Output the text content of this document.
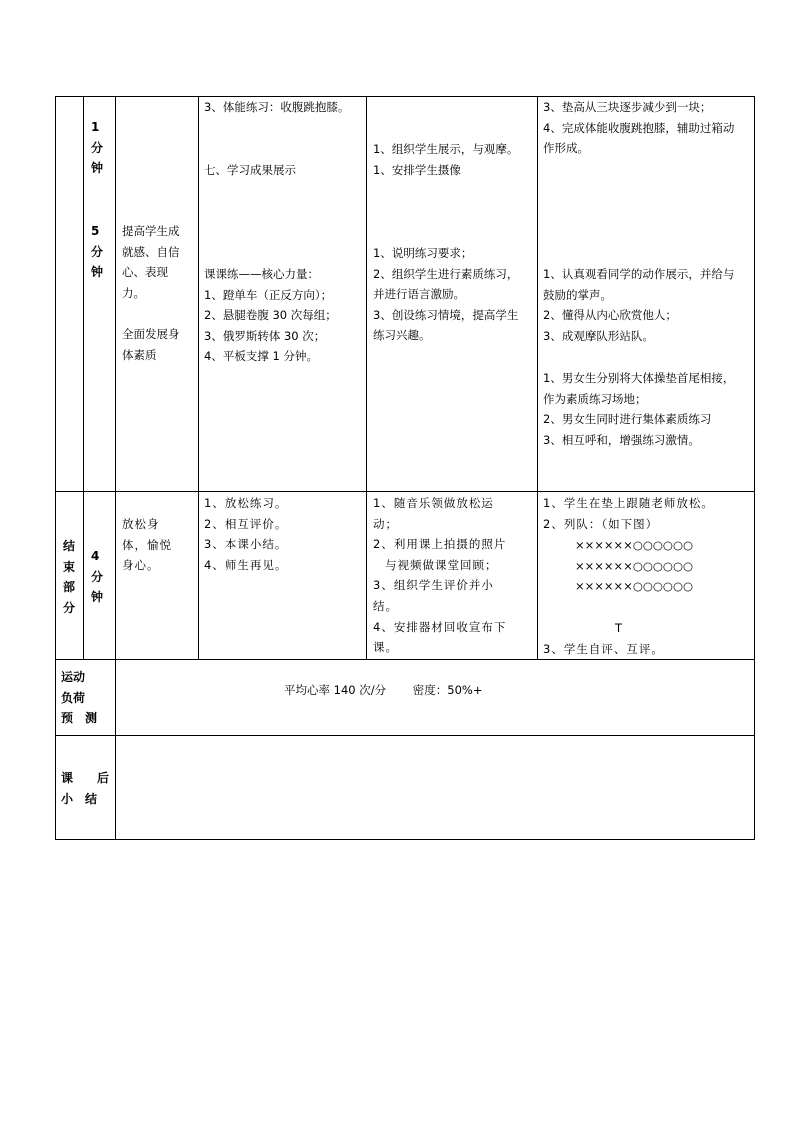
1
分
钟
5
分
钟
提高学生成
就感、自信
心、表现
力。
全面发展身
体素质
3、体能练习：收腹跳抱膝。
七、学习成果展示
课课练——核心力量：
1、蹬单车（正反方向）；
2、悬腿卷腹 30 次每组；
3、俄罗斯转体 30 次；
4、平板支撑 1 分钟。
1、组织学生展示，与观摩。
1、安排学生摄像
1、说明练习要求；
2、组织学生进行素质练习，
并进行语言激励。
3、创设练习情境，提高学生
练习兴趣。
3、垫高从三块逐步减少到一块；
4、完成体能收腹跳抱膝，辅助过箱动
作形成。
1、认真观看同学的动作展示，并给与
鼓励的掌声。
2、懂得从内心欣赏他人；
3、成观摩队形站队。
1、男女生分别将大体操垫首尾相接，
作为素质练习场地；
2、男女生同时进行集体素质练习
3、相互呼和，增强练习激情。
结
束
部
分
4
分
钟
放松身
体，愉悦
身心。
1、放松练习。
2、相互评价。
3、本课小结。
4、师生再见。
1、随音乐领做放松运
动；
2、利用课上拍摄的照片
与视频做课堂回顾；
3、组织学生评价并小
结。
4、安排器材回收宣布下
课。
1、学生在垫上跟随老师放松。
2、列队：（如下图）
××××××○○○○○○
××××××○○○○○○
××××××○○○○○○
T
3、学生自评、互评。
运动
负荷
预　测
平均心率 140 次/分　　 密度：50%+
课　　后
小　结
